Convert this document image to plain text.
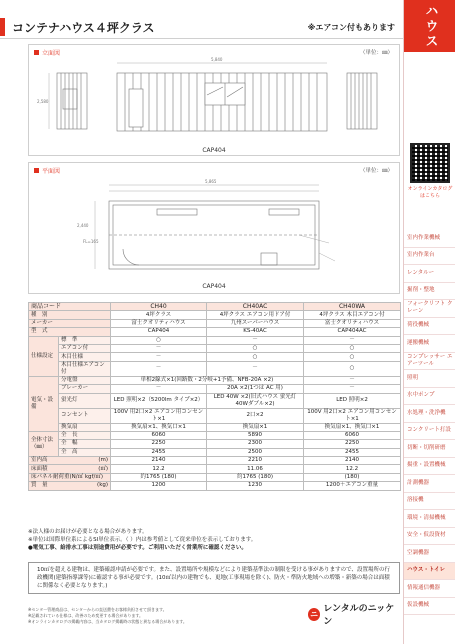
コンテナハウス４坪クラス	※エアコン付もあります
立面図	（単位：㎜）
5,840
2,580
CAP404
平面図	（単位：㎜）
5,865
2,440
FL=165
CAP404
商品コード		CH40	CH40AC	CH40WA
種　別		4坪クラス	4坪クラス エアコン用ドア付	4坪クラス 木目エアコン付
メーカー		富士クオリティハウス	九州スーパーハウス	富士クオリティハウス
型　式		CAP404	KS-40AC	CAP404AC
仕様設定	標　準	○	－	－
	エアコン付	－	○	○
	木目仕様	－	○	○
	木目仕様エアコン付	－	－	○
電気・設備	分電盤	単相2線式×1(回路数・2分岐+1予備、NFB-20A ×2)		－
	ブレーカー	－	20A ×2(1つは AC 用)	－
	蛍光灯	LED 照明×2（5200lm タイプ×2）	LED 40W ×2(旧式ハウス 蛍光灯40Wダブル×2)	LED 照明×2
	コンセント	100V 用2口×2 エアコン用コンセント×1	2口×2	100V 用2口×2 エアコン用コンセント×1
	換気扇	換気扇×1、換気口×1	換気扇×1	換気扇×1、換気口×1
全体寸法（㎜）	全　長	6060	5890	6060
	全　幅	2250	2300	2250
	全　高	2455	2500	2455
室内高 (m)		2140	2210	2140
床面積 (㎡)		12.2	11.06	12.2
床パネル耐荷重(N/㎡ kgf/㎡)		約1765 (180)	約1765 (180)	(180)
質　量 (kg)		1200	1230	1200＋エアコン重量
※法人様のお届けが必要となる場合があります。
※単位は国際単位系によるSI単位表示。（ ）内は参考値として従来単位を表示しております。
●電気工事、給排水工事は別途費用が必要です。ご利用いただく営業所に確認ください。
10㎡を超える建物は、建築確認申請が必要です。また、設置場所や規模などにより建築基準法の制限を受ける事がありますので、設置場所の行政機関(建築指導課等)に確認する事が必要です。(10㎡以内の建物でも、更地(工事現場を除く)、防火・準防火地域への増築・新築の場合は面積に関係なく必要となります。)
※センター管理商品は、センターからの直送費をお客様負担させて頂きます。
※記載されている仕様は、改善のため変更する場合があります。
※オンラインカタログの掲載内容は、当カタログ掲載時の状態と異なる場合があります。
ニ レンタルのニッケン
ハウス
オンラインカタログはこちら
室内作業機械
室内作業台
レンタルー
掘削・整地
フォークリフト クレーン
荷役機械
運搬機械
コンプレッサー エアーツール
照明
水中ポンプ
水処理・洗浄機
コンクリート打設
切断・切削研磨
揚重・設置機械
計測機器
溶接機
環境・清掃機械
安全・仮設資材
空調機器
ハウス・トイレ
情報通信機器
仮設機械
